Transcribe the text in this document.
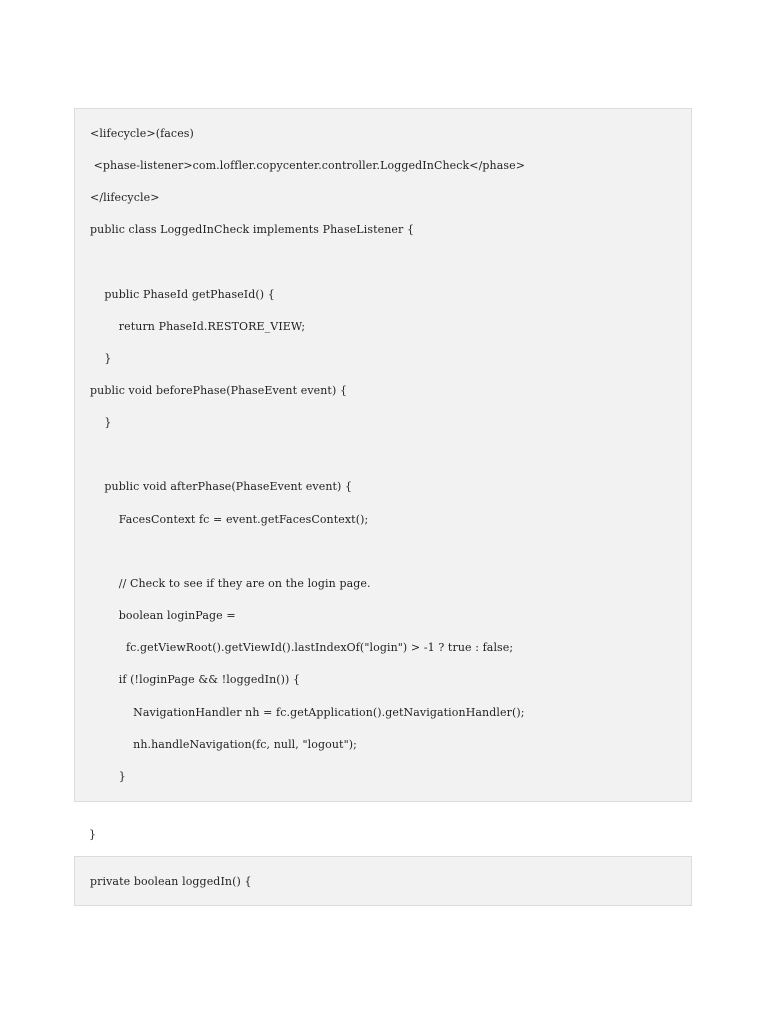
<lifecycle>(faces)
<phase-listener>com.loffler.copycenter.controller.LoggedInCheck</phase>
</lifecycle>
public class LoggedInCheck implements PhaseListener {
public PhaseId getPhaseId() {
return PhaseId.RESTORE_VIEW;
}
public void beforePhase(PhaseEvent event) {
}
public void afterPhase(PhaseEvent event) {
FacesContext fc = event.getFacesContext();
// Check to see if they are on the login page.
boolean loginPage =
fc.getViewRoot().getViewId().lastIndexOf("login") > -1 ? true : false;
if (!loginPage && !loggedIn()) {
NavigationHandler nh = fc.getApplication().getNavigationHandler();
nh.handleNavigation(fc, null, "logout");
}
}
private boolean loggedIn() {
